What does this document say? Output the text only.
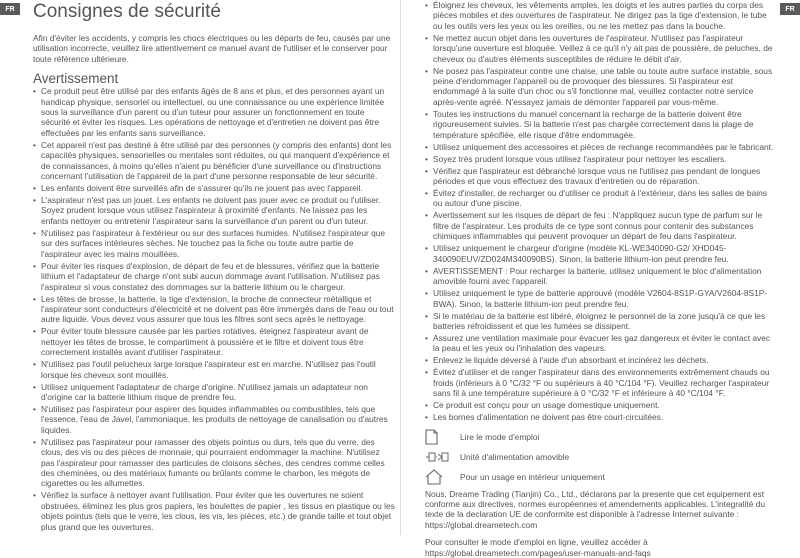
FR	FR
Consignes de sécurité
Afin d'éviter les accidents, y compris les chocs électriques ou les départs de feu, causés par une utilisation incorrecte, veuillez lire attentivement ce manuel avant de l'utiliser et le conserver pour toute référence ultérieure.
Avertissement
• Ce produit peut être utilisé par des enfants âgés de 8 ans et plus, et des personnes ayant un handicap physique, sensoriel ou intellectuel, ou une connaissance ou une expérience limitée sous la surveillance d'un parent ou d'un tuteur pour assurer un fonctionnement en toute sécurité et éviter les risques. Les opérations de nettoyage et d'entretien ne doivent pas être effectuées par les enfants sans surveillance.
• Cet appareil n'est pas destiné à être utilisé par des personnes (y compris des enfants) dont les capacités physiques, sensorielles ou mentales sont réduites, ou qui manquent d'expérience et de connaissances, à moins qu'elles n'aient pu bénéficier d'une surveillance ou d'instructions concernant l'utilisation de l'appareil de la part d'une personne responsable de leur sécurité.
• Les enfants doivent être surveillés afin de s'assurer qu'ils ne jouent pas avec l'appareil.
• L'aspirateur n'est pas un jouet. Les enfants ne doivent pas jouer avec ce produit ou l'utiliser. Soyez prudent lorsque vous utilisez l'aspirateur à proximité d'enfants. Ne laissez pas les enfants nettoyer ou entretenir l'aspirateur sans la surveillance d'un parent ou d'un tuteur.
• N'utilisez pas l'aspirateur à l'extérieur ou sur des surfaces humides. N'utilisez l'aspirateur que sur des surfaces intérieures sèches. Ne touchez pas la fiche ou toute autre partie de l'aspirateur avec les mains mouillées.
• Pour éviter les risques d'explosion, de départ de feu et de blessures, vérifiez que la batterie lithium et l'adaptateur de charge n'ont subi aucun dommage avant l'utilisation. N'utilisez pas l'aspirateur si vous constatez des dommages sur la batterie lithium ou le chargeur.
• Les têtes de brosse, la batterie, la tige d'extension, la broche de connecteur métallique et l'aspirateur sont conducteurs d'électricité et ne doivent pas être immergés dans de l'eau ou tout autre liquide. Vous devez vous assurer que tous les filtres sont secs après le nettoyage.
• Pour éviter toute blessure causée par les parties rotatives, éteignez l'aspirateur avant de nettoyer les têtes de brosse, le compartiment à poussière et le filtre et doivent tous être correctement installés avant d'utiliser l'aspirateur.
• N'utilisez pas l'outil pelucheux large lorsque l'aspirateur est en marche. N'utilisez pas l'outil lorsque les cheveux sont mouillés.
• Utilisez uniquement l'adaptateur de charge d'origine. N'utilisez jamais un adaptateur non d'origine car la batterie lithium risque de prendre feu.
• N'utilisez pas l'aspirateur pour aspirer des liquides inflammables ou combustibles, tels que l'essence, l'eau de Javel, l'ammoniaque, les produits de nettoyage de canalisation ou d'autres liquides.
• N'utilisez pas l'aspirateur pour ramasser des objets pointus ou durs, tels que du verre, des clous, des vis ou des pièces de monnaie, qui pourraient endommager la machine. N'utilisez pas l'aspirateur pour ramasser des particules de cloisons sèches, des cendres comme celles des cheminées, ou des matériaux fumants ou brûlants comme le charbon, les mégots de cigarettes ou les allumettes.
• Vérifiez la surface à nettoyer avant l'utilisation. Pour éviter que les ouvertures ne soient obstruées, éliminez les plus gros papiers, les boulettes de papier , les tissus en plastique ou les objets pointus (tels que le verre, les clous, les vis, les pièces, etc.) de grande taille et tout objet plus grand que les ouvertures.
• Éloignez les cheveux, les vêtements amples, les doigts et les autres parties du corps des pièces mobiles et des ouvertures de l'aspirateur. Ne dirigez pas la tige d'extension, le tube ou les outils vers les yeux ou les oreilles, ou ne les mettez pas dans la bouche.
• Ne mettez aucun objet dans les ouvertures de l'aspirateur. N'utilisez pas l'aspirateur lorsqu'une ouverture est bloquée. Veillez à ce qu'il n'y ait pas de poussière, de peluches, de cheveux ou d'autres éléments susceptibles de réduire le débit d'air.
• Ne posez pas l'aspirateur contre une chaise, une table ou toute autre surface instable, sous peine d'endommager l'appareil ou de provoquer des blessures. Si l'aspirateur est endommagé à la suite d'un choc ou s'il fonctionne mal, veuillez contacter notre service après-vente agréé. N'essayez jamais de démonter l'appareil par vous-même.
• Toutes les instructions du manuel concernant la recharge de la batterie doivent être rigoureusement suivies. Si la batterie n'est pas chargée correctement dans la plage de température spécifiée, elle risque d'être endommagée.
• Utilisez uniquement des accessoires et pièces de rechange recommandées par le fabricant.
• Soyez très prudent lorsque vous utilisez l'aspirateur pour nettoyer les escaliers.
• Vérifiez que l'aspirateur est débranché lorsque vous ne l'utilisez pas pendant de longues périodes et que vous effectuez des travaux d'entretien ou de réparation.
• Évitez d'installer, de recharger ou d'utiliser ce produit à l'extérieur, dans les salles de bains ou autour d'une piscine.
• Avertissement sur les risques de départ de feu : N'appliquez aucun type de parfum sur le filtre de l'aspirateur. Les produits de ce type sont connus pour contenir des substances chimiques inflammables qui peuvent provoquer un départ de feu dans l'aspirateur.
• Utilisez uniquement le chargeur d'origine (modèle KL-WE340090-G2/ XHD045-340090EUV/ZD024M340090BS). Sinon, la batterie lithium-ion peut prendre feu.
• AVERTISSEMENT : Pour recharger la batterie, utilisez uniquement le bloc d'alimentation amovible fourni avec l'appareil.
• Utilisez uniquement le type de batterie approuvé (modèle V2604-8S1P-GYA/V2604-8S1P-BWA). Sinon, la batterie lithium-ion peut prendre feu.
• Si le matériau de la batterie est libéré, éloignez le personnel de la zone jusqu'à ce que les batteries refroidissent et que les fumées se dissipent.
• Assurez une ventilation maximale pour évacuer les gaz dangereux et éviter le contact avec la peau et les yeux ou l'inhalation des vapeurs.
• Enlevez le liquide déversé à l'aide d'un absorbant et incinérez les déchets.
• Évitez d'utiliser et de ranger l'aspirateur dans des environnements extrêmement chauds ou froids (inférieurs à 0 °C/32 °F ou supérieurs à 40 °C/104 °F). Veuillez recharger l'aspirateur sans fil à une température supérieure à 0 °C/32 °F et inférieure à 40 °C/104 °F.
• Ce produit est conçu pour un usage domestique uniquement.
• Les bornes d'alimentation ne doivent pas être court-circuitées.
Lire le mode d'emploi
Unité d'alimentation amovible
Pour un usage en intérieur uniquement

Nous, Dreame Trading (Tianjin) Co., Ltd., déclarons par la presente que cet equipement est conforme aux directives, normes européennes et amendements applicables. L'integralité du texte de la declaration UE de conformite est disponible à l'adresse Internet suivante : https://global.dreametech.com

Pour consulter le mode d'emploi en ligne, veuillez accéder à https://global.dreametech.com/pages/user-manuals-and-faqs
